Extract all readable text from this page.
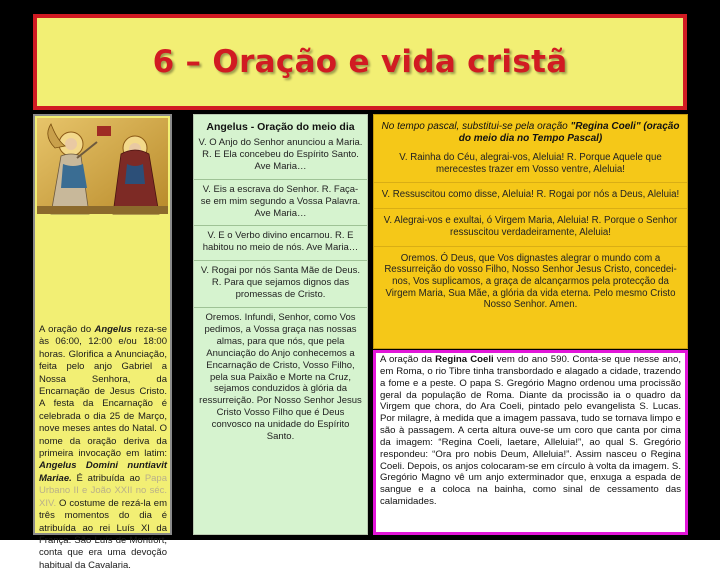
6 – Oração e vida cristã
A oração do Angelus reza-se às 06:00, 12:00 e/ou 18:00 horas. Glorifica a Anunciação, feita pelo anjo Gabriel a Nossa Senhora, da Encarnação de Jesus Cristo. A festa da Encarnação é celebrada o dia 25 de Março, nove meses antes do Natal. O nome da oração deriva da primeira invocação em latim: Angelus Domini nuntiavit Mariae. É atribuída ao Papa Urbano II e João XXII no séc. XIV. O costume de rezá-la em três momentos do dia é atribuída ao rei Luís XI da França. São Luís de Montfort, conta que era uma devoção habitual da Cavalaria.
Angelus - Oração do meio dia

V. O Anjo do Senhor anunciou a Maria. R. E Ela concebeu do Espírito Santo. Ave Maria…

V. Eis a escrava do Senhor. R. Faça-se em mim segundo a Vossa Palavra. Ave Maria…

V. E o Verbo divino encarnou. R. E habitou no meio de nós. Ave Maria…

V. Rogai por nós Santa Mãe de Deus. R. Para que sejamos dignos das promessas de Cristo.

Oremos. Infundi, Senhor, como Vos pedimos, a Vossa graça nas nossas almas, para que nós, que pela Anunciação do Anjo conhecemos a Encarnação de Cristo, Vosso Filho, pela sua Paixão e Morte na Cruz, sejamos conduzidos à glória da ressurreição. Por Nosso Senhor Jesus Cristo Vosso Filho que é Deus convosco na unidade do Espírito Santo.

No tempo pascal, substitui-se pela oração "Regina Coeli" (oração do meio dia no Tempo Pascal)

V. Rainha do Céu, alegrai-vos, Aleluia! R. Porque Aquele que merecestes trazer em Vosso ventre, Aleluia!

V. Ressuscitou como disse, Aleluia! R. Rogai por nós a Deus, Aleluia!

V. Alegrai-vos e exultai, ó Virgem Maria, Aleluia! R. Porque o Senhor ressuscitou verdadeiramente, Aleluia!

Oremos. Ó Deus, que Vos dignastes alegrar o mundo com a Ressurreição do vosso Filho, Nosso Senhor Jesus Cristo, concedei-nos, Vos suplicamos, a graça de alcançarmos pela protecção da Virgem Maria, Sua Mãe, a glória da vida eterna. Pelo mesmo Cristo Nosso Senhor. Amen.

A oração da Regina Coeli vem do ano 590. Conta-se que nesse ano, em Roma, o rio Tibre tinha transbordado e alagado a cidade, trazendo a fome e a peste. O papa S. Gregório Magno ordenou uma procissão geral da população de Roma. Diante da procissão ia o quadro da Virgem que chora, do Ara Coeli, pintado pelo evangelista S. Lucas. Por milagre, à medida que a imagem passava, tudo se tornava limpo e são à passagem. A certa altura ouve-se um coro que canta por cima da imagem: “Regina Coeli, laetare, Alleluia!”, ao qual S. Gregório respondeu: “Ora pro nobis Deum, Alleluia!”. Assim nasceu o Regina Coeli. Depois, os anjos colocaram-se em círculo à volta da imagem. S. Gregório Magno vê um anjo exterminador que, enxuga a espada de sangue e a coloca na bainha, como sinal de cessamento das calamidades.
